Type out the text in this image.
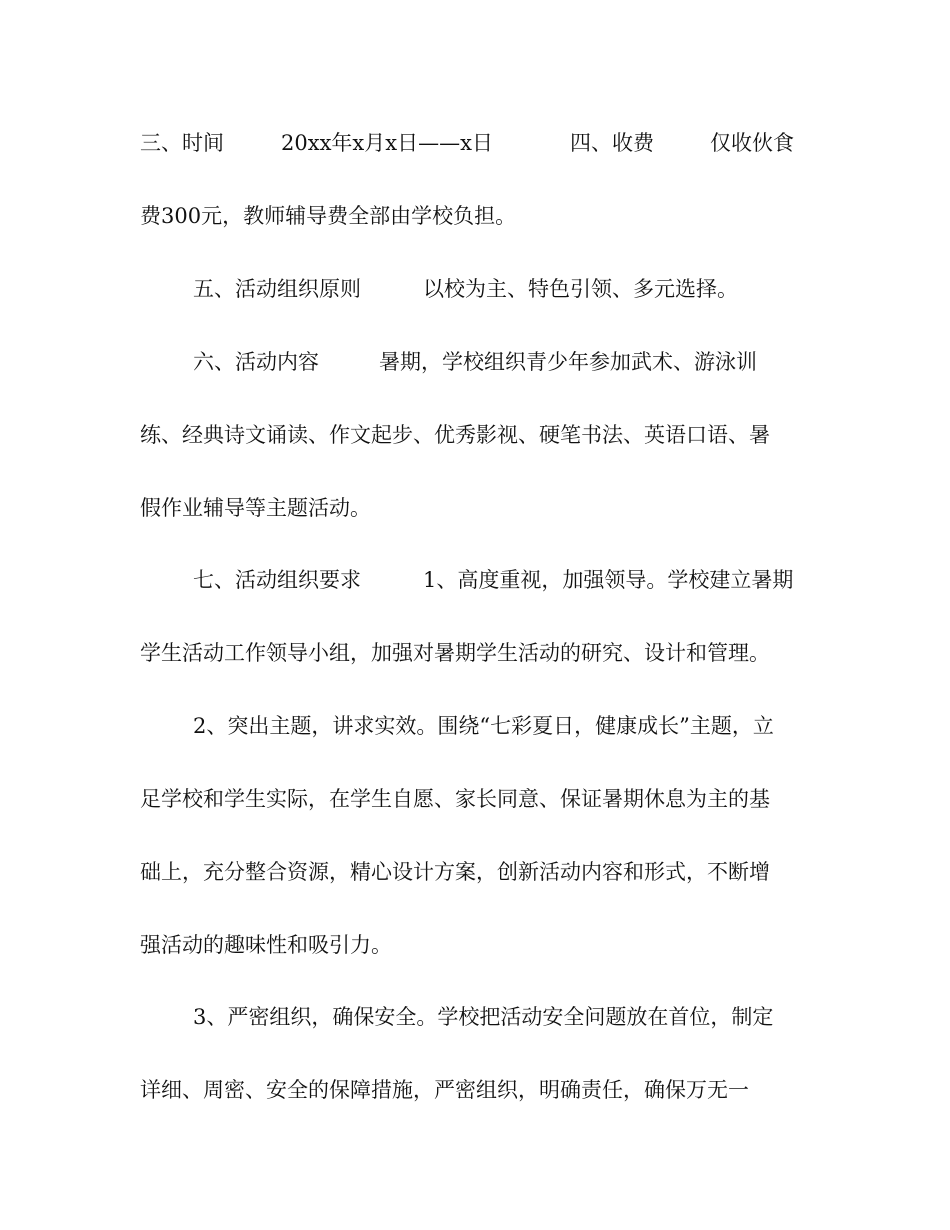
三、时间	20xx年x月x日——x日	四、收费	仅收伙食
费300元，教师辅导费全部由学校负担。
五、活动组织原则	以校为主、特色引领、多元选择。
六、活动内容	暑期，学校组织青少年参加武术、游泳训
练、经典诗文诵读、作文起步、优秀影视、硬笔书法、英语口语、暑
假作业辅导等主题活动。
七、活动组织要求	1、高度重视，加强领导。学校建立暑期
学生活动工作领导小组，加强对暑期学生活动的研究、设计和管理。
2、突出主题，讲求实效。围绕“七彩夏日，健康成长”主题，立
足学校和学生实际，在学生自愿、家长同意、保证暑期休息为主的基
础上，充分整合资源，精心设计方案，创新活动内容和形式，不断增
强活动的趣味性和吸引力。
3、严密组织，确保安全。学校把活动安全问题放在首位，制定
详细、周密、安全的保障措施，严密组织，明确责任，确保万无一
